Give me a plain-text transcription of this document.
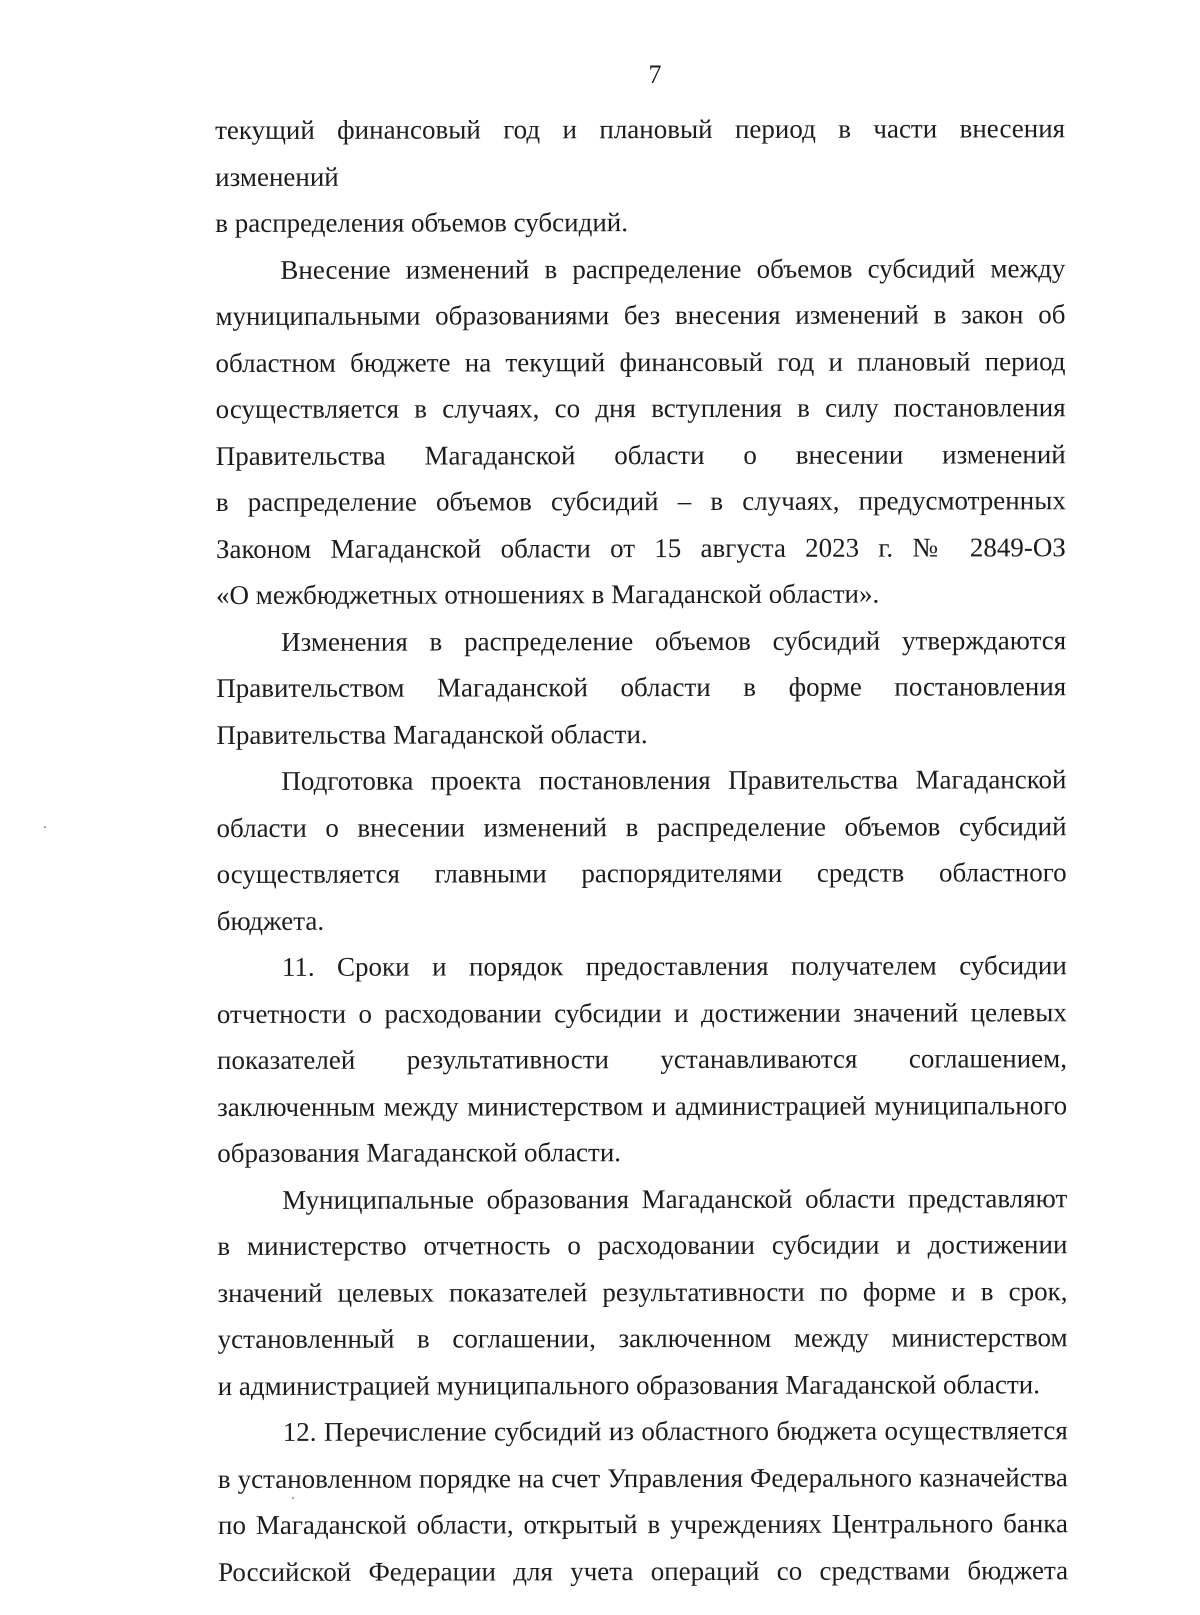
7

текущий финансовый год и плановый период в части внесения изменений
в распределения объемов субсидий.

Внесение изменений в распределение объемов субсидий между
муниципальными образованиями без внесения изменений в закон об
областном бюджете на текущий финансовый год и плановый период
осуществляется в случаях, со дня вступления в силу постановления
Правительства Магаданской области о внесении изменений
в распределение объемов субсидий – в случаях, предусмотренных
Законом Магаданской области от 15 августа 2023 г. № 2849-ОЗ
«О межбюджетных отношениях в Магаданской области».

Изменения в распределение объемов субсидий утверждаются
Правительством Магаданской области в форме постановления
Правительства Магаданской области.

Подготовка проекта постановления Правительства Магаданской
области о внесении изменений в распределение объемов субсидий
осуществляется главными распорядителями средств областного бюджета.

11. Сроки и порядок предоставления получателем субсидии
отчетности о расходовании субсидии и достижении значений целевых
показателей результативности устанавливаются соглашением,
заключенным между министерством и администрацией муниципального
образования Магаданской области.

Муниципальные образования Магаданской области представляют
в министерство отчетность о расходовании субсидии и достижении
значений целевых показателей результативности по форме и в срок,
установленный в соглашении, заключенном между министерством
и администрацией муниципального образования Магаданской области.

12. Перечисление субсидий из областного бюджета осуществляется
в установленном порядке на счет Управления Федерального казначейства
по Магаданской области, открытый в учреждениях Центрального банка
Российской Федерации для учета операций со средствами бюджета
